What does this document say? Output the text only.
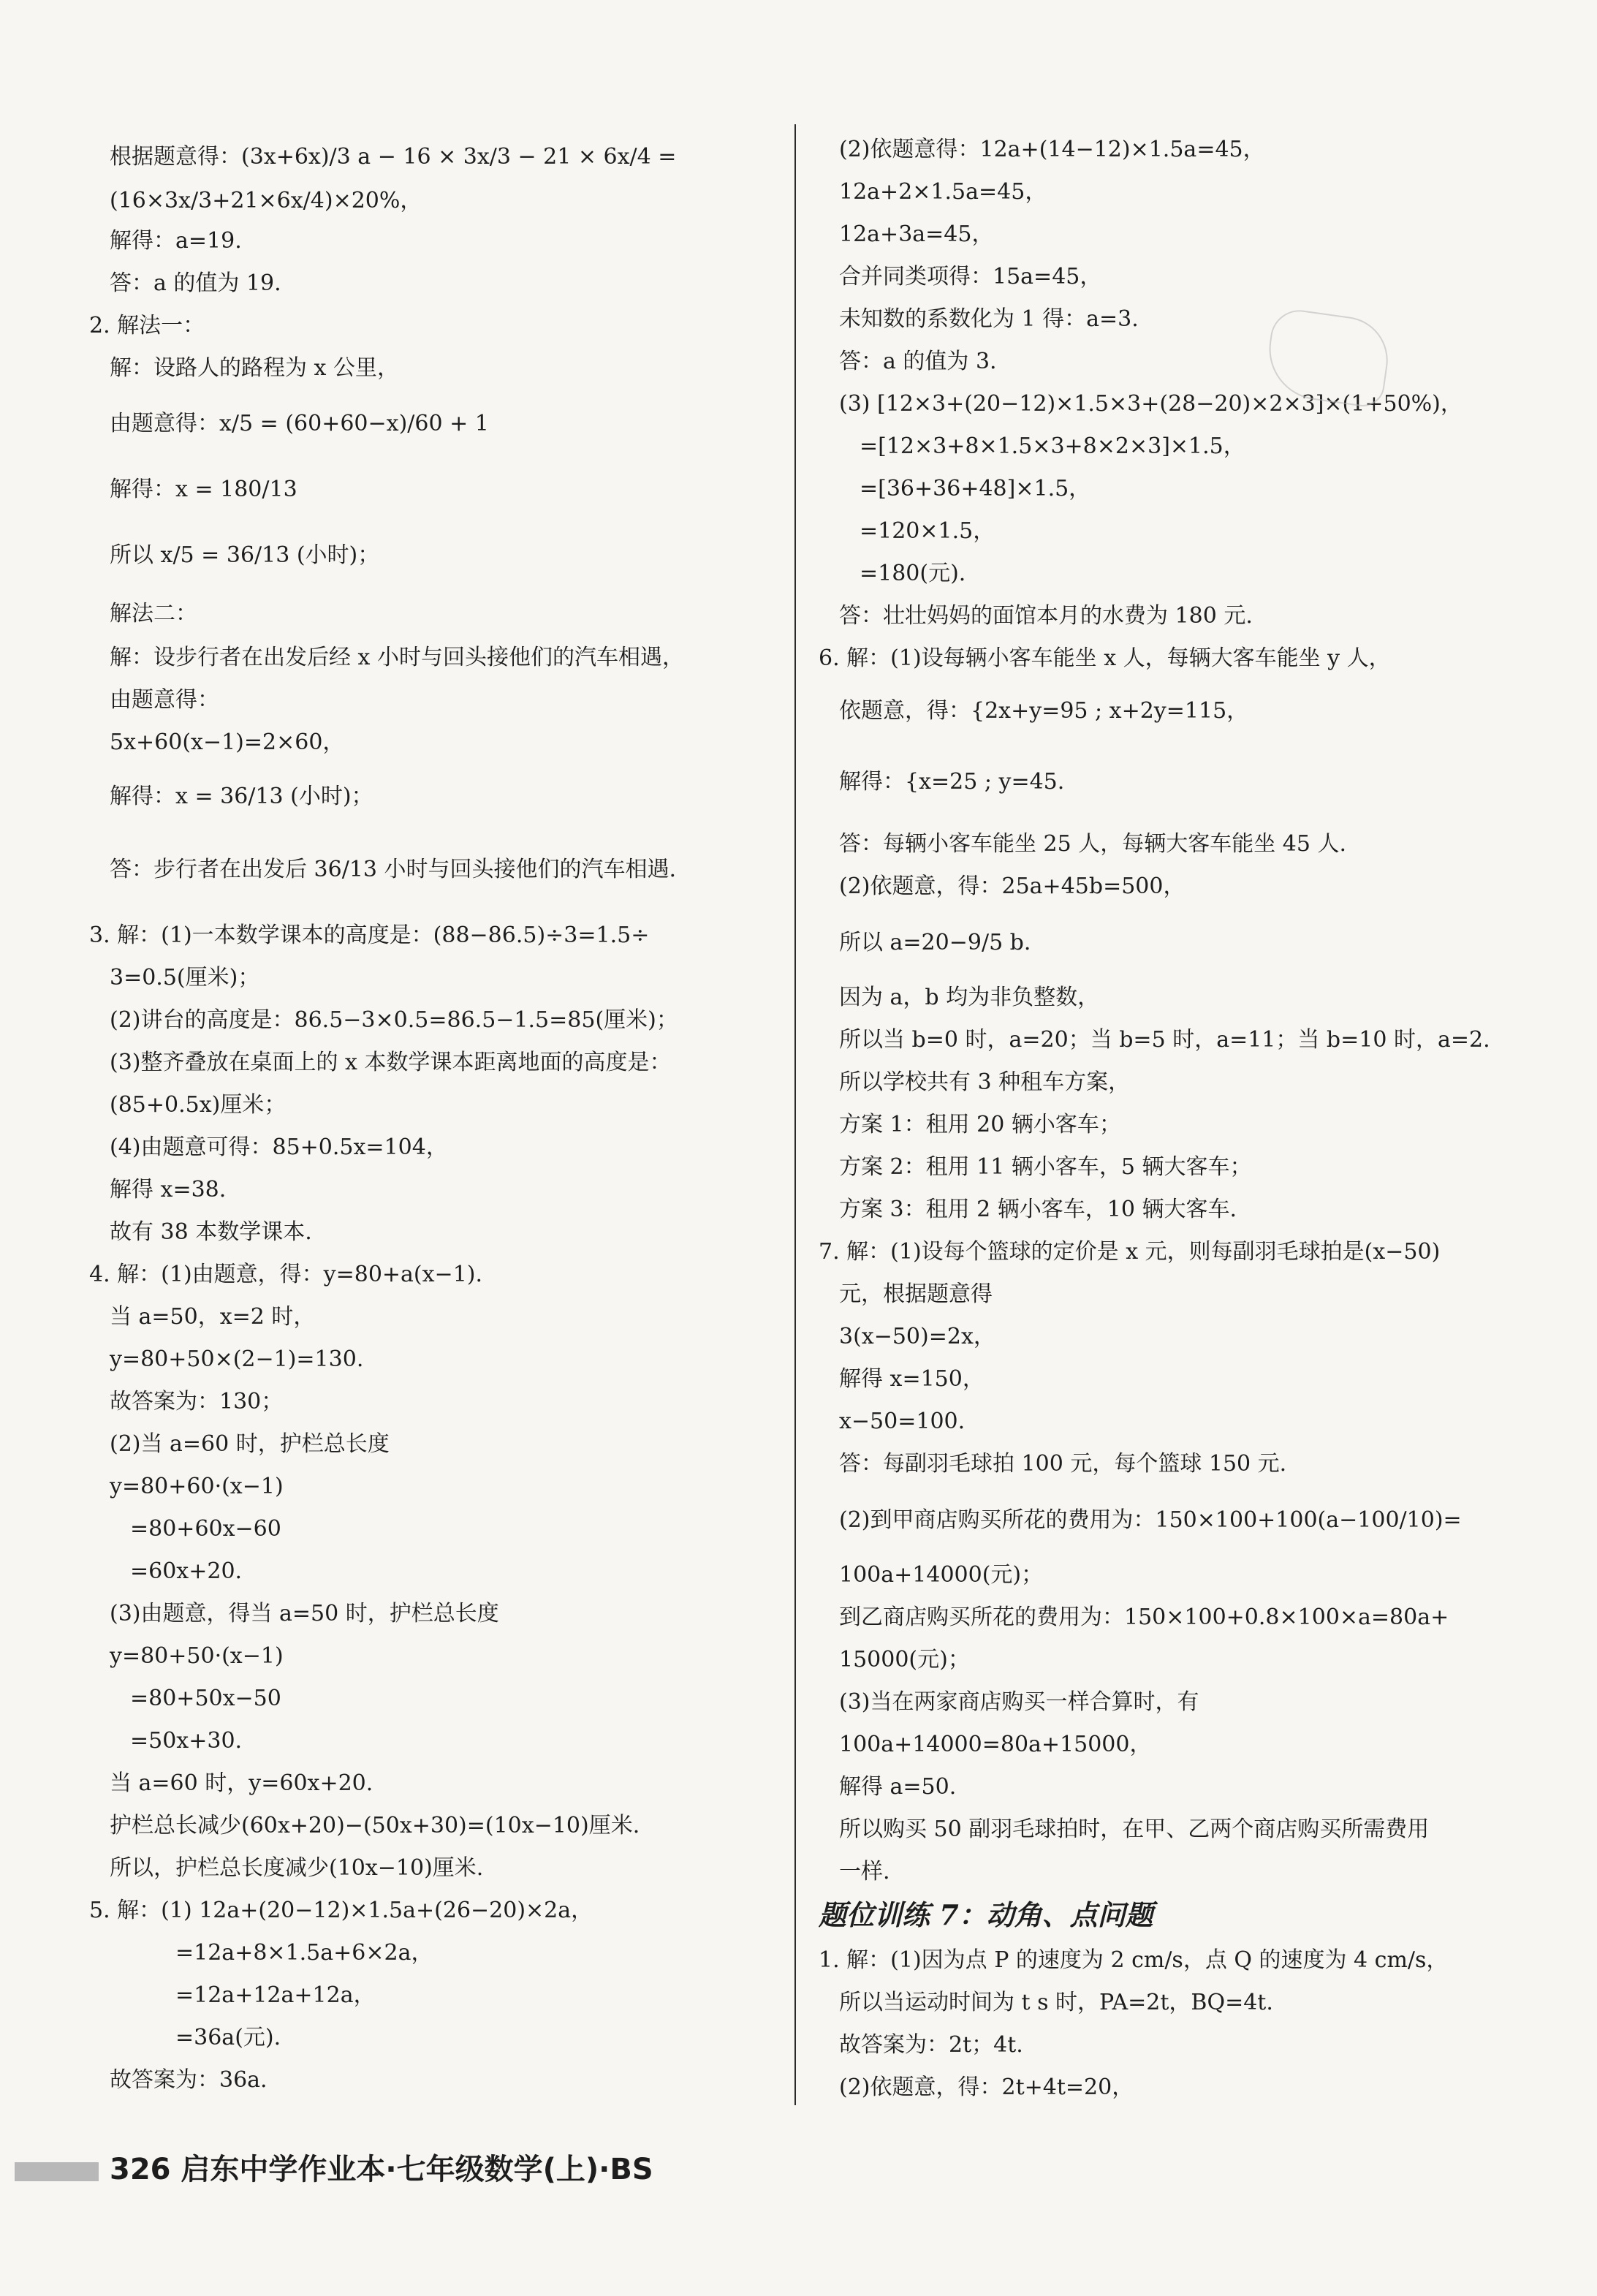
根据题意得：(3x+6x)/3 a − 16 × 3x/3 − 21 × 6x/4 =
(16×3x/3+21×6x/4)×20%，
解得：a=19.
答：a 的值为 19.
2. 解法一：
解：设路人的路程为 x 公里，
由题意得：x/5 = (60+60−x)/60 + 1
解得：x = 180/13
所以 x/5 = 36/13 (小时)；
解法二：
解：设步行者在出发后经 x 小时与回头接他们的汽车相遇，
由题意得：
5x+60(x−1)=2×60，
解得：x = 36/13 (小时)；
答：步行者在出发后 36/13 小时与回头接他们的汽车相遇.
3. 解：(1)一本数学课本的高度是：(88−86.5)÷3=1.5÷
3=0.5(厘米)；
(2)讲台的高度是：86.5−3×0.5=86.5−1.5=85(厘米)；
(3)整齐叠放在桌面上的 x 本数学课本距离地面的高度是：
(85+0.5x)厘米；
(4)由题意可得：85+0.5x=104，
解得 x=38.
故有 38 本数学课本.
4. 解：(1)由题意，得：y=80+a(x−1).
当 a=50，x=2 时，
y=80+50×(2−1)=130.
故答案为：130；
(2)当 a=60 时，护栏总长度
y=80+60·(x−1)
=80+60x−60
=60x+20.
(3)由题意，得当 a=50 时，护栏总长度
y=80+50·(x−1)
=80+50x−50
=50x+30.
当 a=60 时，y=60x+20.
护栏总长减少(60x+20)−(50x+30)=(10x−10)厘米.
所以，护栏总长度减少(10x−10)厘米.
5. 解：(1) 12a+(20−12)×1.5a+(26−20)×2a，
=12a+8×1.5a+6×2a，
=12a+12a+12a，
=36a(元).
故答案为：36a.
(2)依题意得：12a+(14−12)×1.5a=45，
12a+2×1.5a=45，
12a+3a=45，
合并同类项得：15a=45，
未知数的系数化为 1 得：a=3.
答：a 的值为 3.
(3) [12×3+(20−12)×1.5×3+(28−20)×2×3]×(1+50%)，
=[12×3+8×1.5×3+8×2×3]×1.5，
=[36+36+48]×1.5，
=120×1.5，
=180(元).
答：壮壮妈妈的面馆本月的水费为 180 元.
6. 解：(1)设每辆小客车能坐 x 人，每辆大客车能坐 y 人，
依题意，得：{2x+y=95 ; x+2y=115，
解得：{x=25 ; y=45.
答：每辆小客车能坐 25 人，每辆大客车能坐 45 人.
(2)依题意，得：25a+45b=500，
所以 a=20−9/5 b.
因为 a，b 均为非负整数，
所以当 b=0 时，a=20；当 b=5 时，a=11；当 b=10 时，a=2.
所以学校共有 3 种租车方案，
方案 1：租用 20 辆小客车；
方案 2：租用 11 辆小客车，5 辆大客车；
方案 3：租用 2 辆小客车，10 辆大客车.
7. 解：(1)设每个篮球的定价是 x 元，则每副羽毛球拍是(x−50)
元，根据题意得
3(x−50)=2x，
解得 x=150，
x−50=100.
答：每副羽毛球拍 100 元，每个篮球 150 元.
(2)到甲商店购买所花的费用为：150×100+100(a−100/10)=
100a+14000(元)；
到乙商店购买所花的费用为：150×100+0.8×100×a=80a+
15000(元)；
(3)当在两家商店购买一样合算时，有
100a+14000=80a+15000，
解得 a=50.
所以购买 50 副羽毛球拍时，在甲、乙两个商店购买所需费用
一样.
题位训练 7：动角、点问题
1. 解：(1)因为点 P 的速度为 2 cm/s，点 Q 的速度为 4 cm/s，
所以当运动时间为 t s 时，PA=2t，BQ=4t.
故答案为：2t；4t.
(2)依题意，得：2t+4t=20，
326 启东中学作业本·七年级数学(上)·BS
